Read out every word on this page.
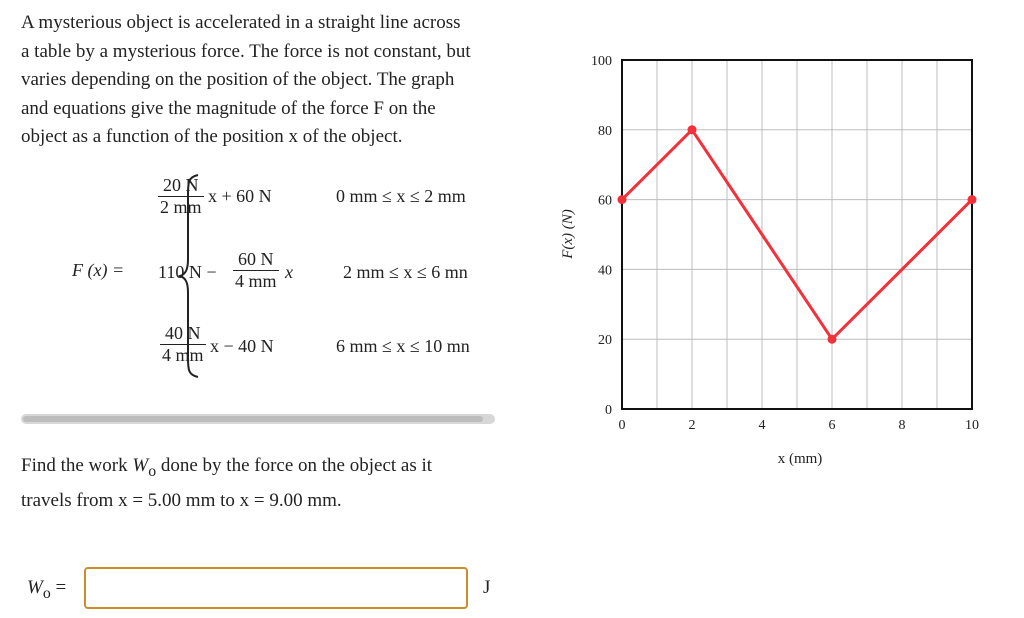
A mysterious object is accelerated in a straight line across
a table by a mysterious force. The force is not constant, but
varies depending on the position of the object. The graph
and equations give the magnitude of the force F on the
object as a function of the position x of the object.
F (x) =
$\frac{20 N}{2 mm}$ x + 60 N	0 mm ≤ x ≤ 2 mm
110 $N - \frac{60 N}{4 mm}$ x	2 mm ≤ x ≤ 6 mn
$\frac{40 N}{4 mm}$ x − 40 N	6 mm ≤ x ≤ 10 mn
Find the work $W_o$ done by the force on the object as it
travels from x = 5.00 mm to x = 9.00 mm.
$W_o$ =	J
0
20
40
60
80
100
0	2	4	6	8	10
F(x) (N)
x (mm)
